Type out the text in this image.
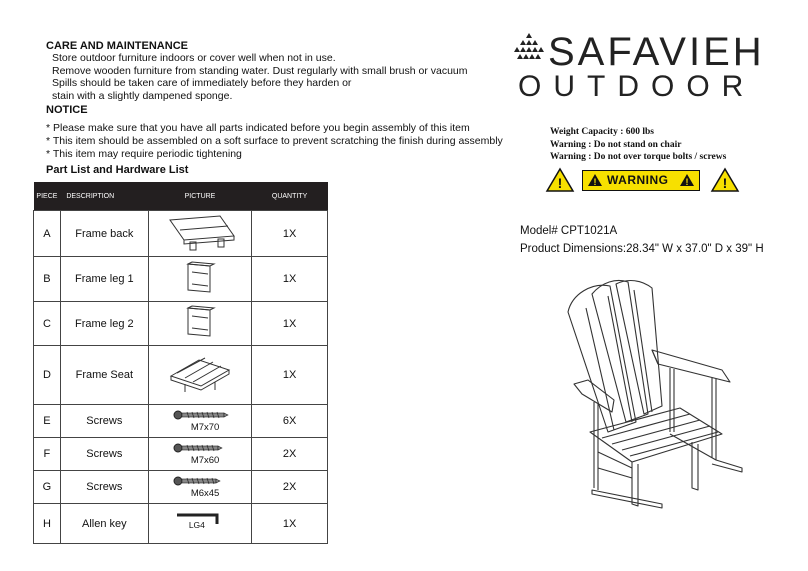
CARE AND MAINTENANCE
Store outdoor furniture indoors or cover well when not in use.
Remove wooden furniture from standing water. Dust regularly with small brush or vacuum
Spills should be taken care of immediately before they harden or
stain with a slightly dampened sponge.
NOTICE
* Please make sure that you have all parts indicated before you begin assembly of this item
* This item should be assembled on a soft surface to prevent scratching the finish during assembly
* This item may require periodic tightening
Part List and Hardware List
SAFAVIEH
OUTDOOR
Weight Capacity : 600 lbs
Warning : Do not stand on chair
Warning : Do not over torque bolts / screws
!	! WARNING ! !
Model# CPT1021A
Product Dimensions:28.34" W x 37.0" D x 39" H
PIECE	DESCRIPTION	PICTURE	QUANTITY
A	Frame back		1X
B	Frame leg 1		1X
C	Frame leg 2		1X
D	Frame Seat		1X
E	Screws	M7x70	6X
F	Screws	M7x60	2X
G	Screws	M6x45	2X
H	Allen key	LG4	1X
